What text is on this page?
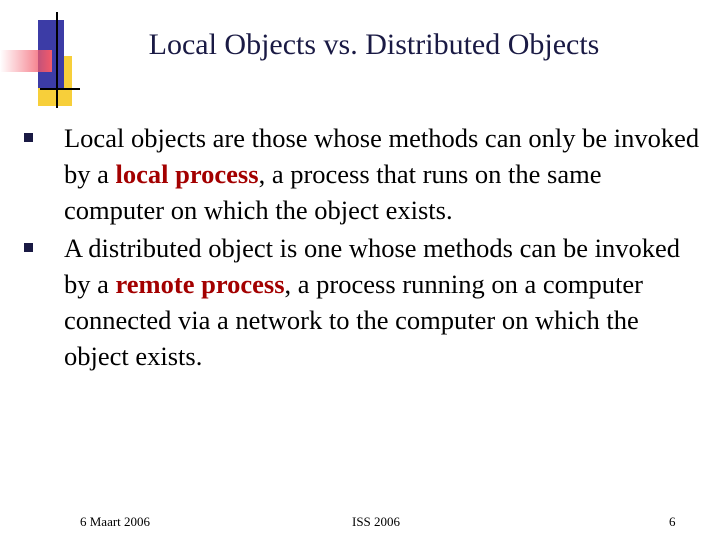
Local Objects vs. Distributed Objects
Local objects are those whose methods can only be invoked by a local process, a process that runs on the same computer on which the object exists.
A distributed object is one whose methods can be invoked by a remote process, a process running on a computer connected via a network to the computer on which the object exists.
6 Maart 2006	ISS 2006	6
